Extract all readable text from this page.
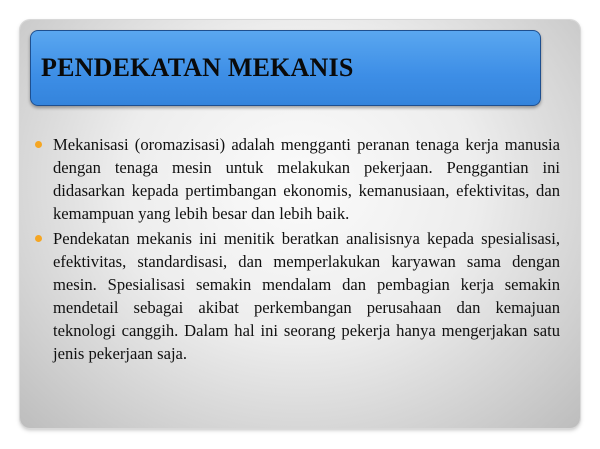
PENDEKATAN MEKANIS
Mekanisasi (oromazisasi) adalah mengganti peranan tenaga kerja manusia dengan tenaga mesin untuk melakukan pekerjaan. Penggantian ini didasarkan kepada pertimbangan ekonomis, kemanusiaan, efektivitas, dan kemampuan yang lebih besar dan lebih baik.
Pendekatan mekanis ini menitik beratkan analisisnya kepada spesialisasi, efektivitas, standardisasi, dan memperlakukan karyawan sama dengan mesin. Spesialisasi semakin mendalam dan pembagian kerja semakin mendetail sebagai akibat perkembangan perusahaan dan kemajuan teknologi canggih. Dalam hal ini seorang pekerja hanya mengerjakan satu jenis pekerjaan saja.
